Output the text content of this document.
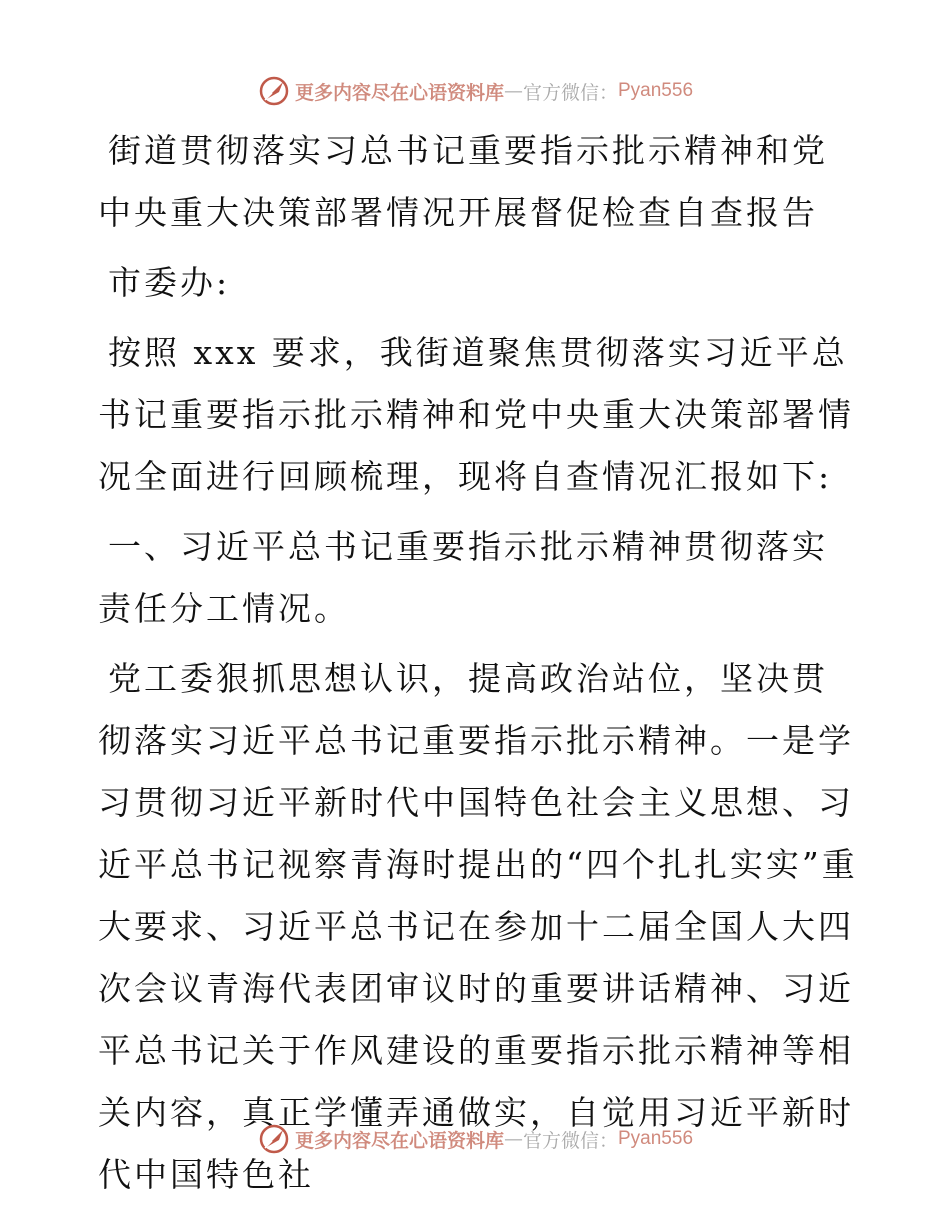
更多内容尽在心语资料库 — 官方微信： Pyan556

街道贯彻落实习总书记重要指示批示精神和党中央重大决策部署情况开展督促检查自查报告

市委办:

按照 xxx 要求，我街道聚焦贯彻落实习近平总书记重要指示批示精神和党中央重大决策部署情况全面进行回顾梳理，现将自查情况汇报如下:

一、习近平总书记重要指示批示精神贯彻落实责任分工情况。

党工委狠抓思想认识，提高政治站位，坚决贯彻落实习近平总书记重要指示批示精神。一是学习贯彻习近平新时代中国特色社会主义思想、习近平总书记视察青海时提出的“四个扎扎实实”重大要求、习近平总书记在参加十二届全国人大四次会议青海代表团审议时的重要讲话精神、习近平总书记关于作风建设的重要指示批示精神等相关内容，真正学懂弄通做实，自觉用习近平新时代中国特色社

更多内容尽在心语资料库 — 官方微信： Pyan556
